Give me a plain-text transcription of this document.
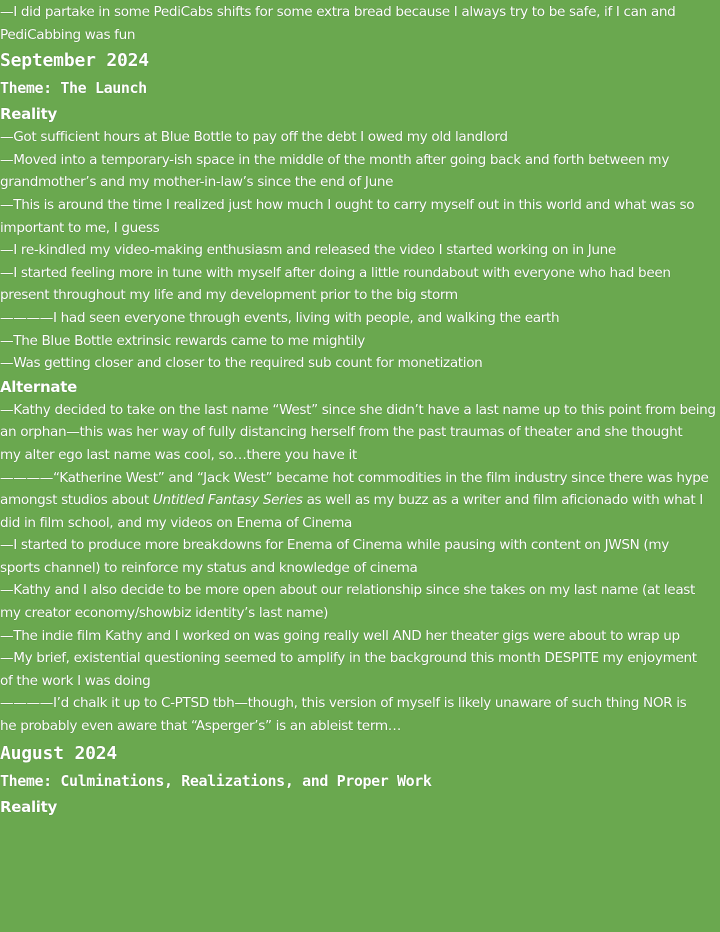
—I did partake in some PediCabs shifts for some extra bread because I always try to be safe, if I can and

PediCabbing was fun

September 2024
Theme: The Launch
Reality

—Got sufficient hours at Blue Bottle to pay off the debt I owed my old landlord

—Moved into a temporary-ish space in the middle of the month after going back and forth between my

grandmother’s and my mother-in-law’s since the end of June

—This is around the time I realized just how much I ought to carry myself out in this world and what was so

important to me, I guess

—I re-kindled my video-making enthusiasm and released the video I started working on in June

—I started feeling more in tune with myself after doing a little roundabout with everyone who had been

present throughout my life and my development prior to the big storm

————I had seen everyone through events, living with people, and walking the earth

—The Blue Bottle extrinsic rewards came to me mightily

—Was getting closer and closer to the required sub count for monetization

Alternate

—Kathy decided to take on the last name “West” since she didn’t have a last name up to this point from being

an orphan—this was her way of fully distancing herself from the past traumas of theater and she thought

my alter ego last name was cool, so…there you have it

————“Katherine West” and “Jack West” became hot commodities in the film industry since there was hype

amongst studios about Untitled Fantasy Series as well as my buzz as a writer and film aficionado with what I

did in film school, and my videos on Enema of Cinema

—I started to produce more breakdowns for Enema of Cinema while pausing with content on JWSN (my

sports channel) to reinforce my status and knowledge of cinema

—Kathy and I also decide to be more open about our relationship since she takes on my last name (at least

my creator economy/showbiz identity’s last name)

—The indie film Kathy and I worked on was going really well AND her theater gigs were about to wrap up

—My brief, existential questioning seemed to amplify in the background this month DESPITE my enjoyment

of the work I was doing

————I’d chalk it up to C-PTSD tbh—though, this version of myself is likely unaware of such thing NOR is

he probably even aware that “Asperger’s” is an ableist term…

August 2024
Theme: Culminations, Realizations, and Proper Work
Reality
